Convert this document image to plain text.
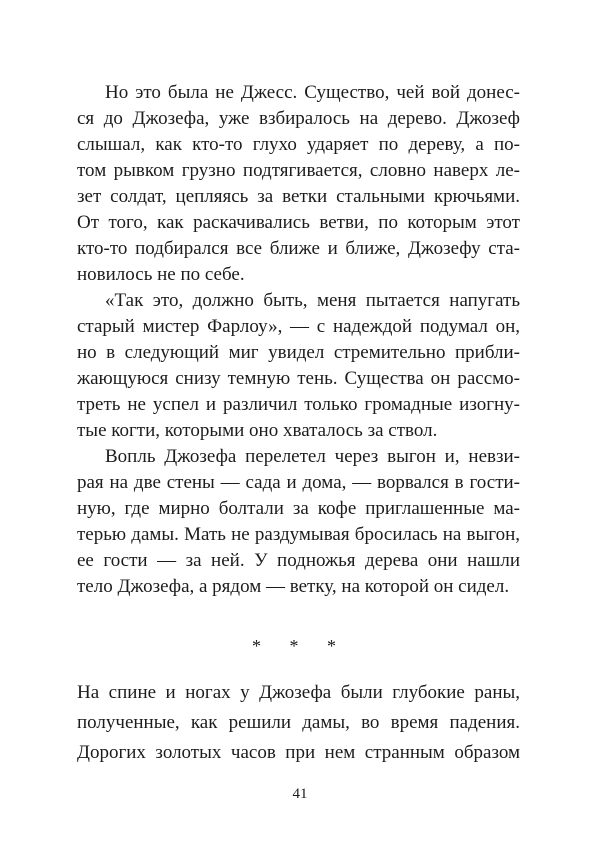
Но это была не Джесс. Существо, чей вой донес-
ся до Джозефа, уже взбиралось на дерево. Джозеф
слышал, как кто-то глухо ударяет по дереву, а по-
том рывком грузно подтягивается, словно наверх ле-
зет солдат, цепляясь за ветки стальными крючьями.
От того, как раскачивались ветви, по которым этот
кто-то подбирался все ближе и ближе, Джозефу ста-
новилось не по себе.
«Так это, должно быть, меня пытается напугать
старый мистер Фарлоу», — с надеждой подумал он,
но в следующий миг увидел стремительно прибли-
жающуюся снизу темную тень. Существа он рассмо-
треть не успел и различил только громадные изогну-
тые когти, которыми оно хваталось за ствол.
Вопль Джозефа перелетел через выгон и, невзи-
рая на две стены — сада и дома, — ворвался в гости-
ную, где мирно болтали за кофе приглашенные ма-
терью дамы. Мать не раздумывая бросилась на выгон,
ее гости — за ней. У подножья дерева они нашли
тело Джозефа, а рядом — ветку, на которой он сидел.
* * *
На спине и ногах у Джозефа были глубокие раны,
полученные, как решили дамы, во время падения.
Дорогих золотых часов при нем странным образом
41
